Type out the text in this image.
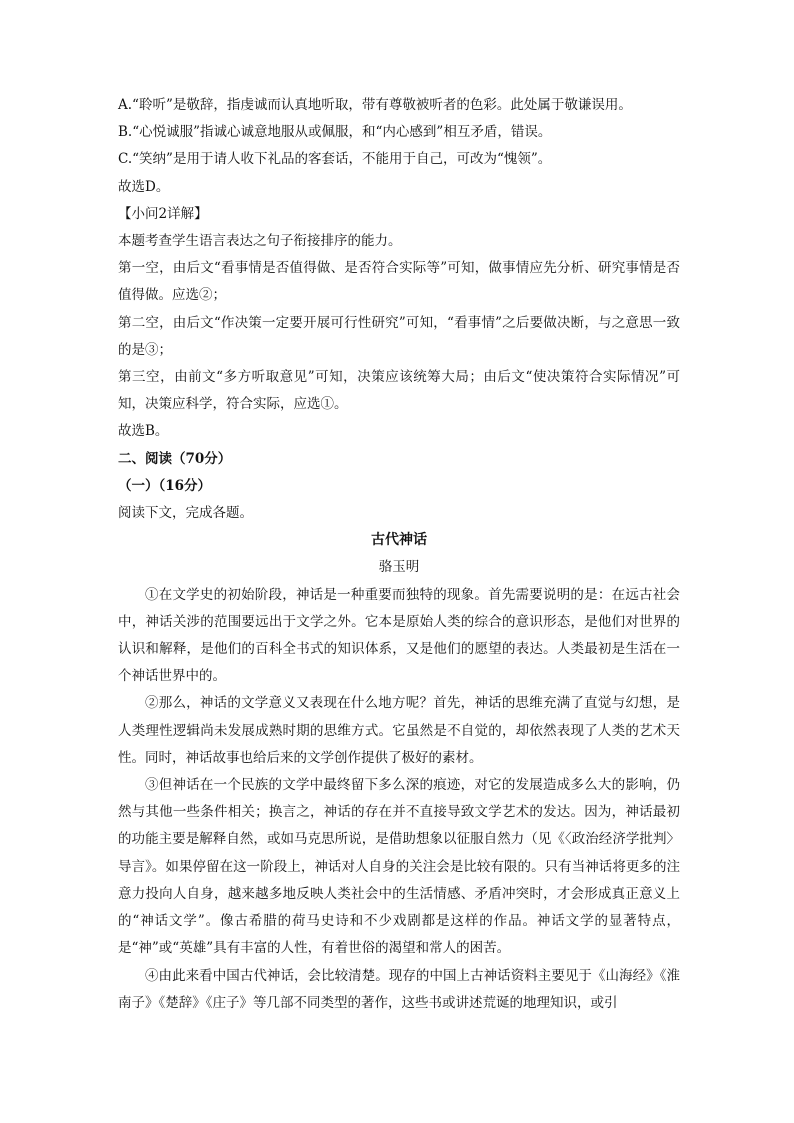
A.“聆听”是敬辞，指虔诚而认真地听取，带有尊敬被听者的色彩。此处属于敬谦误用。
B.“心悦诚服”指诚心诚意地服从或佩服，和“内心感到”相互矛盾，错误。
C.“笑纳”是用于请人收下礼品的客套话，不能用于自己，可改为“愧领”。
故选D。
【小问2详解】
本题考查学生语言表达之句子衔接排序的能力。
第一空，由后文“看事情是否值得做、是否符合实际等”可知，做事情应先分析、研究事情是否值得做。应选②；
第二空，由后文“作决策一定要开展可行性研究”可知，“看事情”之后要做决断，与之意思一致的是③；
第三空，由前文“多方听取意见”可知，决策应该统筹大局；由后文“使决策符合实际情况”可知，决策应科学，符合实际，应选①。
故选B。
二、阅读（70分）
（一）（16分）
阅读下文，完成各题。
古代神话
骆玉明
①在文学史的初始阶段，神话是一种重要而独特的现象。首先需要说明的是：在远古社会中，神话关涉的范围要远出于文学之外。它本是原始人类的综合的意识形态，是他们对世界的认识和解释，是他们的百科全书式的知识体系，又是他们的愿望的表达。人类最初是生活在一个神话世界中的。
②那么，神话的文学意义又表现在什么地方呢？首先，神话的思维充满了直觉与幻想，是人类理性逻辑尚未发展成熟时期的思维方式。它虽然是不自觉的，却依然表现了人类的艺术天性。同时，神话故事也给后来的文学创作提供了极好的素材。
③但神话在一个民族的文学中最终留下多么深的痕迹，对它的发展造成多么大的影响，仍然与其他一些条件相关；换言之，神话的存在并不直接导致文学艺术的发达。因为，神话最初的功能主要是解释自然，或如马克思所说，是借助想象以征服自然力（见《〈政治经济学批判〉导言》。如果停留在这一阶段上，神话对人自身的关注会是比较有限的。只有当神话将更多的注意力投向人自身，越来越多地反映人类社会中的生活情感、矛盾冲突时，才会形成真正意义上的“神话文学”。像古希腊的荷马史诗和不少戏剧都是这样的作品。神话文学的显著特点，是“神”或“英雄”具有丰富的人性，有着世俗的渴望和常人的困苦。
④由此来看中国古代神话，会比较清楚。现存的中国上古神话资料主要见于《山海经》《淮南子》《楚辞》《庄子》等几部不同类型的著作，这些书或讲述荒诞的地理知识，或引
